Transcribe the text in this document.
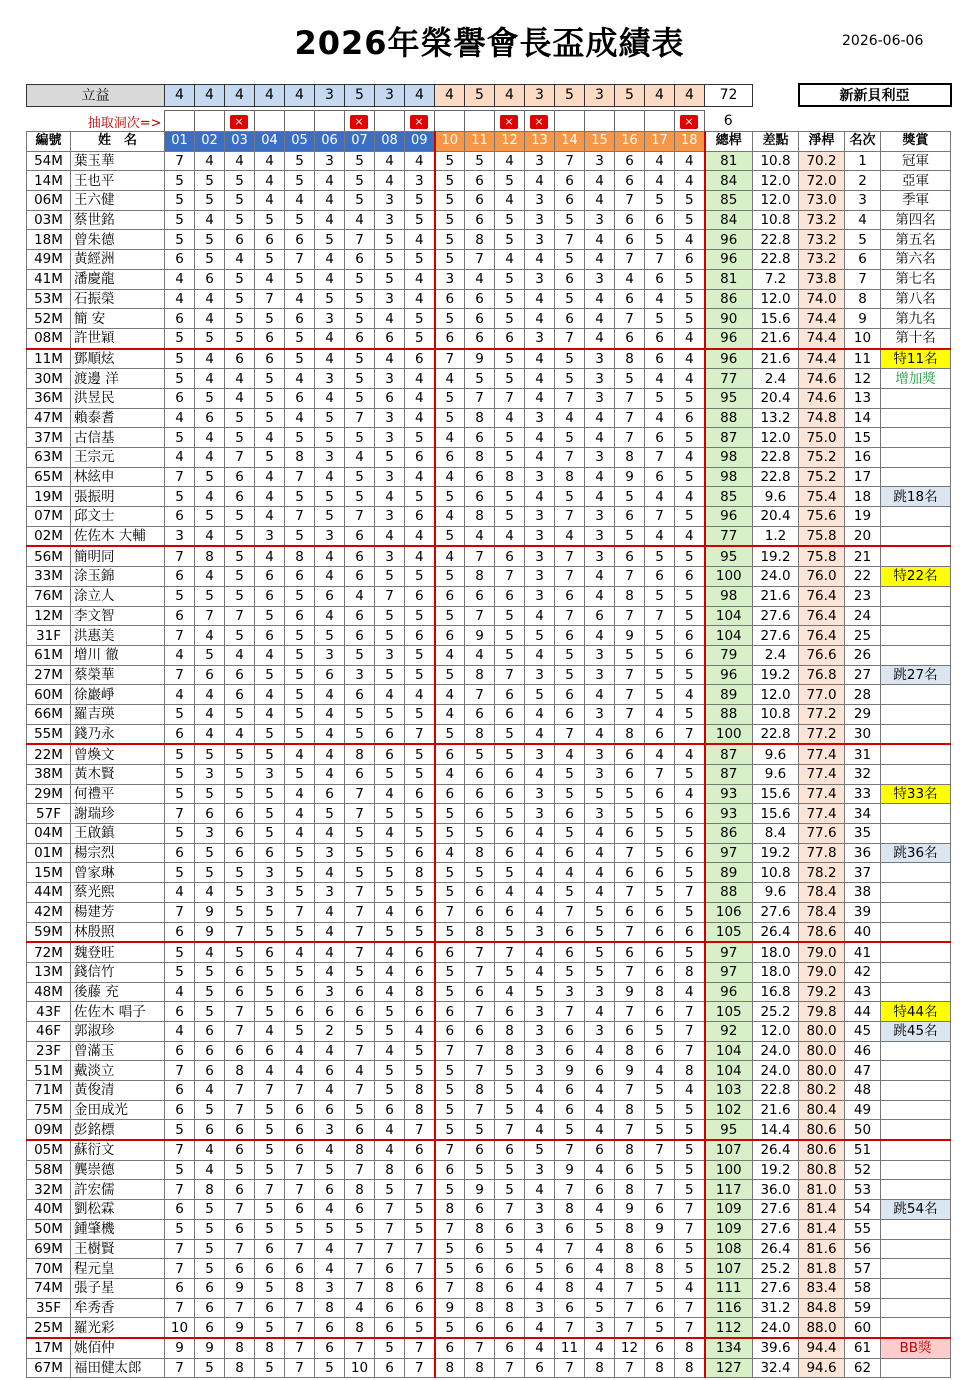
2026年榮譽會長盃成績表	2026-06-06
立益	4	4	4	4	4	3	5	3	4	4	5	4	3	5	3	5	4	4	72		新新貝利亞
抽取洞次=>			×				×		×			×	×					×	6				
編號	姓　名	01	02	03	04	05	06	07	08	09	10	11	12	13	14	15	16	17	18	總桿	差點	淨桿	名次	獎賞
54M	葉玉華	7	4	4	4	5	3	5	4	4	5	5	4	3	7	3	6	4	4	81	10.8	70.2	1	冠軍
14M	王也平	5	5	5	4	5	4	5	4	3	5	6	5	4	6	4	6	4	4	84	12.0	72.0	2	亞軍
06M	王六健	5	5	5	4	4	4	5	3	5	5	6	4	3	6	4	7	5	5	85	12.0	73.0	3	季軍
03M	蔡世銘	5	4	5	5	5	4	4	3	5	5	6	5	3	5	3	6	6	5	84	10.8	73.2	4	第四名
18M	曾朱德	5	5	6	6	6	5	7	5	4	5	8	5	3	7	4	6	5	4	96	22.8	73.2	5	第五名
49M	黃經洲	6	5	4	5	7	4	6	5	5	5	7	4	4	5	4	7	7	6	96	22.8	73.2	6	第六名
41M	潘慶龍	4	6	5	4	5	4	5	5	4	3	4	5	3	6	3	4	6	5	81	7.2	73.8	7	第七名
53M	石振榮	4	4	5	7	4	5	5	3	4	6	6	5	4	5	4	6	4	5	86	12.0	74.0	8	第八名
52M	簡 安	6	4	5	5	6	3	5	4	5	5	6	5	4	6	4	7	5	5	90	15.6	74.4	9	第九名
08M	許世穎	5	5	5	6	5	4	6	6	5	6	6	6	3	7	4	6	6	4	96	21.6	74.4	10	第十名
11M	鄧順炫	5	4	6	6	5	4	5	4	6	7	9	5	4	5	3	8	6	4	96	21.6	74.4	11	特11名
30M	渡邊 洋	5	4	4	5	4	3	5	3	4	4	5	5	4	5	3	5	4	4	77	2.4	74.6	12	增加獎
36M	洪昱民	6	5	4	5	6	4	5	6	4	5	7	7	4	7	3	7	5	5	95	20.4	74.6	13	
47M	賴泰耆	4	6	5	5	4	5	7	3	4	5	8	4	3	4	4	7	4	6	88	13.2	74.8	14	
37M	古信基	5	4	5	4	5	5	5	3	5	4	6	5	4	5	4	7	6	5	87	12.0	75.0	15	
63M	王宗元	4	4	7	5	8	3	4	5	6	6	8	5	4	7	3	8	7	4	98	22.8	75.2	16	
65M	林絃申	7	5	6	4	7	4	5	3	4	4	6	8	3	8	4	9	6	5	98	22.8	75.2	17	
19M	張振明	5	4	6	4	5	5	5	4	5	5	6	5	4	5	4	5	4	4	85	9.6	75.4	18	跳18名
07M	邱文士	6	5	5	4	7	5	7	3	6	4	8	5	3	7	3	6	7	5	96	20.4	75.6	19	
02M	佐佐木 大輔	3	4	5	3	5	3	6	4	4	5	4	4	3	4	3	5	4	4	77	1.2	75.8	20	
56M	簡明同	7	8	5	4	8	4	6	3	4	4	7	6	3	7	3	6	5	5	95	19.2	75.8	21	
33M	涂玉錦	6	4	5	6	6	4	6	5	5	5	8	7	3	7	4	7	6	6	100	24.0	76.0	22	特22名
76M	涂立人	5	5	5	6	5	6	4	7	6	6	6	6	3	6	4	8	5	5	98	21.6	76.4	23	
12M	李文智	6	7	7	5	6	4	6	5	5	5	7	5	4	7	6	7	7	5	104	27.6	76.4	24	
31F	洪惠美	7	4	5	6	5	5	6	5	6	6	9	5	5	6	4	9	5	6	104	27.6	76.4	25	
61M	增川 徹	4	5	4	4	5	3	5	3	5	4	4	5	4	5	3	5	5	6	79	2.4	76.6	26	
27M	蔡榮華	7	6	6	5	5	6	3	5	5	5	8	7	3	5	3	7	5	5	96	19.2	76.8	27	跳27名
60M	徐巖崢	4	4	6	4	5	4	6	4	4	4	7	6	5	6	4	7	5	4	89	12.0	77.0	28	
66M	羅吉瑛	5	4	5	4	5	4	5	5	5	4	6	6	4	6	3	7	4	5	88	10.8	77.2	29	
55M	錢乃永	6	4	4	5	5	4	5	6	7	5	8	5	4	7	4	8	6	7	100	22.8	77.2	30	
22M	曾煥文	5	5	5	5	4	4	8	6	5	6	5	5	3	4	3	6	4	4	87	9.6	77.4	31	
38M	黃木賢	5	3	5	3	5	4	6	5	5	4	6	6	4	5	3	6	7	5	87	9.6	77.4	32	
29M	何禮平	5	5	5	5	4	6	7	4	6	6	6	6	3	5	5	5	6	4	93	15.6	77.4	33	特33名
57F	謝瑞珍	7	6	6	5	4	5	7	5	5	5	6	5	3	6	3	5	5	6	93	15.6	77.4	34	
04M	王啟鎮	5	3	6	5	4	4	5	4	5	5	5	6	4	5	4	6	5	5	86	8.4	77.6	35	
01M	楊宗烈	6	5	6	6	5	3	5	5	6	4	8	6	4	6	4	7	5	6	97	19.2	77.8	36	跳36名
15M	曾家琳	5	5	5	3	5	4	5	5	8	5	5	5	4	4	4	6	6	5	89	10.8	78.2	37	
44M	蔡光熙	4	4	5	3	5	3	7	5	5	5	6	4	4	5	4	7	5	7	88	9.6	78.4	38	
42M	楊建芳	7	9	5	5	7	4	7	4	6	7	6	6	4	7	5	6	6	5	106	27.6	78.4	39	
59M	林殷照	6	9	7	5	5	4	7	5	5	5	8	5	3	6	5	7	6	6	105	26.4	78.6	40	
72M	魏登旺	5	4	5	6	4	4	7	4	6	6	7	7	4	6	5	6	6	5	97	18.0	79.0	41	
13M	錢信竹	5	5	6	5	5	4	5	4	6	5	7	5	4	5	5	7	6	8	97	18.0	79.0	42	
48M	後藤 充	4	5	6	5	6	3	6	4	8	5	6	4	5	3	3	9	8	4	96	16.8	79.2	43	
43F	佐佐木 唱子	6	5	7	5	6	6	6	5	6	6	7	6	3	7	4	7	6	7	105	25.2	79.8	44	特44名
46F	郭淑珍	4	6	7	4	5	2	5	5	4	6	6	8	3	6	3	6	5	7	92	12.0	80.0	45	跳45名
23F	曾滿玉	6	6	6	6	4	4	7	4	5	7	7	8	3	6	4	8	6	7	104	24.0	80.0	46	
51M	戴淡立	7	6	8	4	4	6	4	5	5	5	7	5	3	9	6	9	4	8	104	24.0	80.0	47	
71M	黃俊清	6	4	7	7	7	4	7	5	8	5	8	5	4	6	4	7	5	4	103	22.8	80.2	48	
75M	金田成光	6	5	7	5	6	6	5	6	8	5	7	5	4	6	4	8	5	5	102	21.6	80.4	49	
09M	彭銘標	5	6	6	5	6	3	6	4	7	5	5	7	4	5	4	7	5	5	95	14.4	80.6	50	
05M	蘇衍文	7	4	6	5	6	4	8	4	6	7	6	6	5	7	6	8	7	5	107	26.4	80.6	51	
58M	龔崇德	5	4	5	5	7	5	7	8	6	6	5	5	3	9	4	6	5	5	100	19.2	80.8	52	
32M	許宏儒	7	8	6	7	7	6	8	5	7	5	9	5	4	7	6	8	7	5	117	36.0	81.0	53	
40M	劉松霖	6	5	7	5	6	4	6	7	5	8	6	7	3	8	4	9	6	7	109	27.6	81.4	54	跳54名
50M	鍾肇機	5	5	6	5	5	5	5	7	5	7	8	6	3	6	5	8	9	7	109	27.6	81.4	55	
69M	王樹賢	7	5	7	6	7	4	7	7	7	5	6	5	4	7	4	8	6	5	108	26.4	81.6	56	
70M	程元皇	7	5	6	6	6	4	7	6	7	5	6	6	5	6	4	8	8	5	107	25.2	81.8	57	
74M	張子星	6	6	9	5	8	3	7	8	6	7	8	6	4	8	4	7	5	4	111	27.6	83.4	58	
35F	牟秀香	7	6	7	6	7	8	4	6	6	9	8	8	3	6	5	7	6	7	116	31.2	84.8	59	
25M	羅光彩	10	6	9	5	7	6	8	6	5	5	6	6	4	7	3	7	5	7	112	24.0	88.0	60	
17M	姚佰仲	9	9	8	8	7	6	7	5	7	6	7	6	4	11	4	12	6	8	134	39.6	94.4	61	BB獎
67M	福田健太郎	7	5	8	5	7	5	10	6	7	8	8	7	6	7	8	7	8	8	127	32.4	94.6	62	
